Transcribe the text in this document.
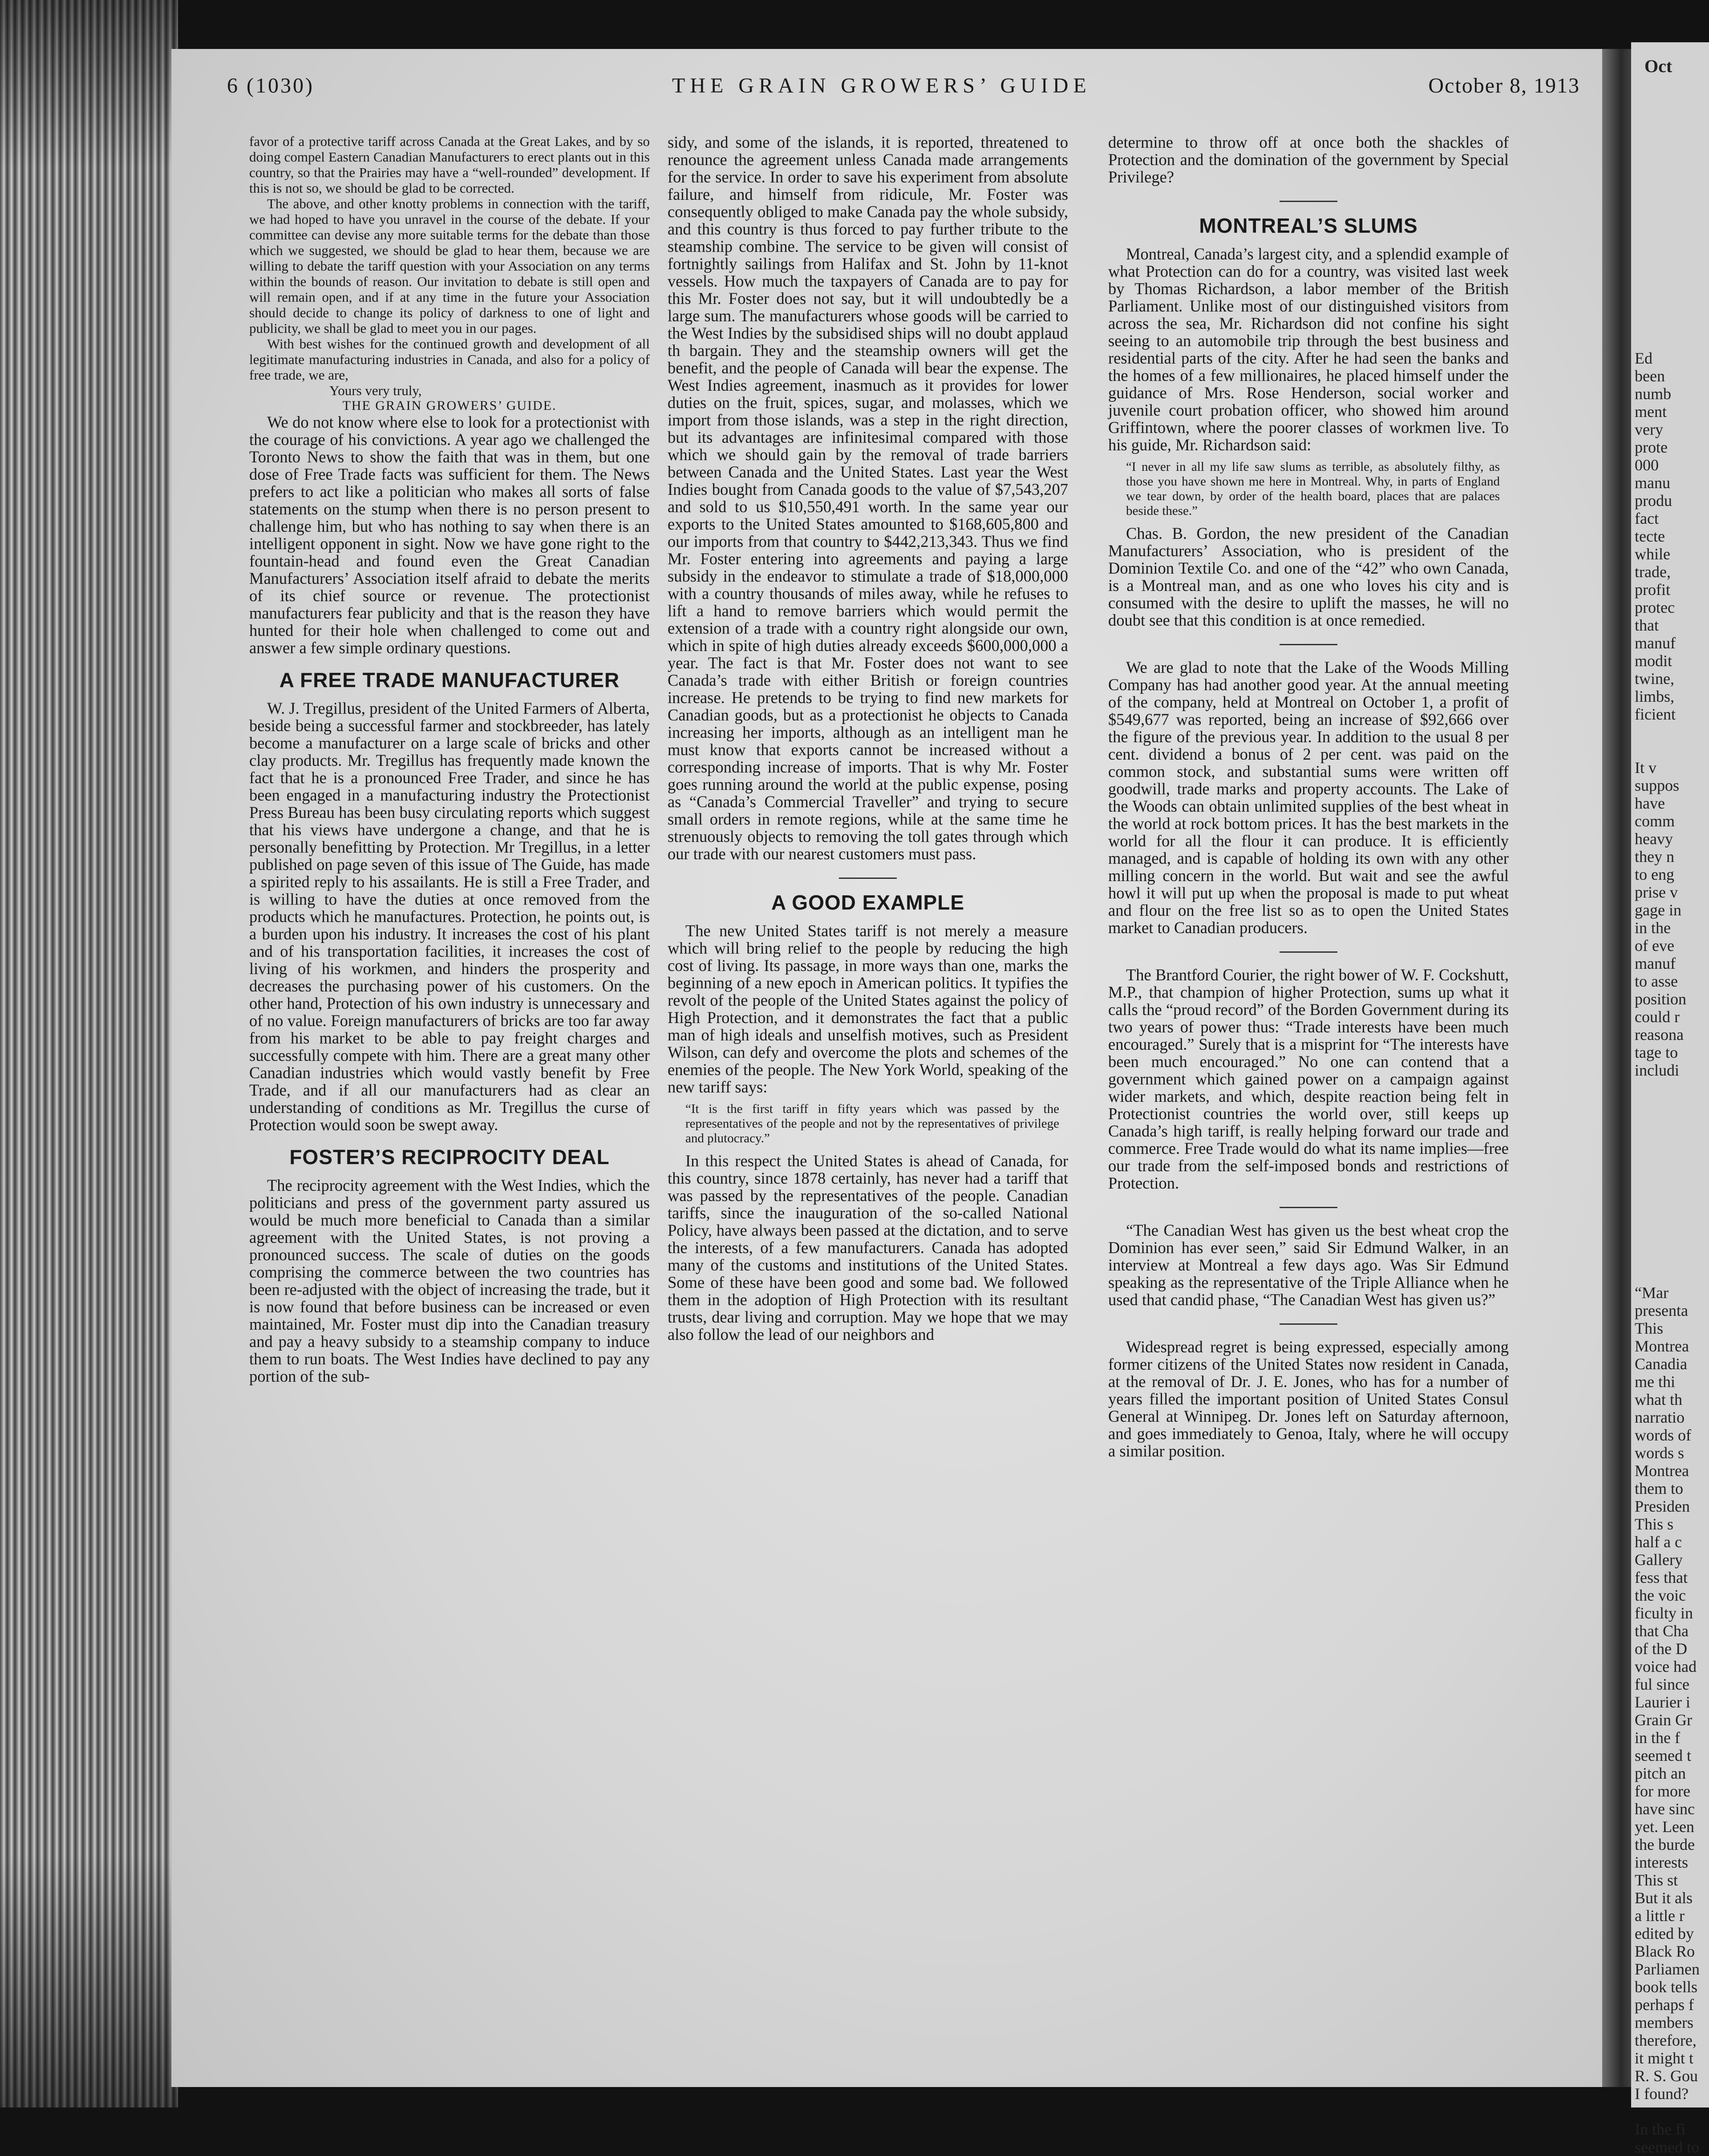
Oct
Ed
been
numb
ment
very
prote
000
manu
produ
fact
tecte
while
trade,
profit
protec
that
manuf
modit
twine,
limbs,
ficient

It v
suppos
have
comm
heavy
they n
to eng
prise v
gage in
in the
of eve
manuf
to asse
position
could r
reasona
tage to
includi
“Mar
presenta
This
Montrea
Canadia
me thi
what th
narratio
words of
words s
Montrea
them to
Presiden
This s
half a c
Gallery
fess that
the voic
ficulty in
that Cha
of the D
voice had
ful since
Laurier i
Grain Gr
in the f
seemed t
pitch an
for more
have sinc
yet. Leen
the burde
interests
This st
But it als
a little r
edited by
Black Ro
Parliamen
book tells
perhaps f
members
therefore,
it might t
R. S. Gou
I found?

In the fi
seemed to
6 (1030)	THE GRAIN GROWERS’ GUIDE	October 8, 1913

favor of a protective tariff across Canada at the Great Lakes, and by so doing compel Eastern Canadian Manufacturers to erect plants out in this country, so that the Prairies may have a “well-rounded” development. If this is not so, we should be glad to be corrected.

The above, and other knotty problems in connection with the tariff, we had hoped to have you unravel in the course of the debate. If your committee can devise any more suitable terms for the debate than those which we suggested, we should be glad to hear them, because we are willing to debate the tariff question with your Association on any terms within the bounds of reason. Our invitation to debate is still open and will remain open, and if at any time in the future your Association should decide to change its policy of darkness to one of light and publicity, we shall be glad to meet you in our pages.

With best wishes for the continued growth and development of all legitimate manufacturing industries in Canada, and also for a policy of free trade, we are,

Yours very truly,

THE GRAIN GROWERS’ GUIDE.

We do not know where else to look for a protectionist with the courage of his convictions. A year ago we challenged the Toronto News to show the faith that was in them, but one dose of Free Trade facts was sufficient for them. The News prefers to act like a politician who makes all sorts of false statements on the stump when there is no person present to challenge him, but who has nothing to say when there is an intelligent opponent in sight. Now we have gone right to the fountain-head and found even the Great Canadian Manufacturers’ Association itself afraid to debate the merits of its chief source or revenue. The protectionist manufacturers fear publicity and that is the reason they have hunted for their hole when challenged to come out and answer a few simple ordinary questions.

A FREE TRADE MANUFACTURER

W. J. Tregillus, president of the United Farmers of Alberta, beside being a successful farmer and stockbreeder, has lately become a manufacturer on a large scale of bricks and other clay products. Mr. Tregillus has frequently made known the fact that he is a pronounced Free Trader, and since he has been engaged in a manufacturing industry the Protectionist Press Bureau has been busy circulating reports which suggest that his views have undergone a change, and that he is personally benefitting by Protection. Mr Tregillus, in a letter published on page seven of this issue of The Guide, has made a spirited reply to his assailants. He is still a Free Trader, and is willing to have the duties at once removed from the products which he manufactures. Protection, he points out, is a burden upon his industry. It increases the cost of his plant and of his transportation facilities, it increases the cost of living of his workmen, and hinders the prosperity and decreases the purchasing power of his customers. On the other hand, Protection of his own industry is unnecessary and of no value. Foreign manufacturers of bricks are too far away from his market to be able to pay freight charges and successfully compete with him. There are a great many other Canadian industries which would vastly benefit by Free Trade, and if all our manufacturers had as clear an understanding of conditions as Mr. Tregillus the curse of Protection would soon be swept away.

FOSTER’S RECIPROCITY DEAL

The reciprocity agreement with the West Indies, which the politicians and press of the government party assured us would be much more beneficial to Canada than a similar agreement with the United States, is not proving a pronounced success. The scale of duties on the goods comprising the commerce between the two countries has been re-adjusted with the object of increasing the trade, but it is now found that before business can be increased or even maintained, Mr. Foster must dip into the Canadian treasury and pay a heavy subsidy to a steamship company to induce them to run boats. The West Indies have declined to pay any portion of the sub-

sidy, and some of the islands, it is reported, threatened to renounce the agreement unless Canada made arrangements for the service. In order to save his experiment from absolute failure, and himself from ridicule, Mr. Foster was consequently obliged to make Canada pay the whole subsidy, and this country is thus forced to pay further tribute to the steamship combine. The service to be given will consist of fortnightly sailings from Halifax and St. John by 11-knot vessels. How much the taxpayers of Canada are to pay for this Mr. Foster does not say, but it will undoubtedly be a large sum. The manufacturers whose goods will be carried to the West Indies by the subsidised ships will no doubt applaud th bargain. They and the steamship owners will get the benefit, and the people of Canada will bear the expense. The West Indies agreement, inasmuch as it provides for lower duties on the fruit, spices, sugar, and molasses, which we import from those islands, was a step in the right direction, but its advantages are infinitesimal compared with those which we should gain by the removal of trade barriers between Canada and the United States. Last year the West Indies bought from Canada goods to the value of $7,543,207 and sold to us $10,550,491 worth. In the same year our exports to the United States amounted to $168,605,800 and our imports from that country to $442,213,343. Thus we find Mr. Foster entering into agreements and paying a large subsidy in the endeavor to stimulate a trade of $18,000,000 with a country thousands of miles away, while he refuses to lift a hand to remove barriers which would permit the extension of a trade with a country right alongside our own, which in spite of high duties already exceeds $600,000,000 a year. The fact is that Mr. Foster does not want to see Canada’s trade with either British or foreign countries increase. He pretends to be trying to find new markets for Canadian goods, but as a protectionist he objects to Canada increasing her imports, although as an intelligent man he must know that exports cannot be increased without a corresponding increase of imports. That is why Mr. Foster goes running around the world at the public expense, posing as “Canada’s Commercial Traveller” and trying to secure small orders in remote regions, while at the same time he strenuously objects to removing the toll gates through which our trade with our nearest customers must pass.

A GOOD EXAMPLE

The new United States tariff is not merely a measure which will bring relief to the people by reducing the high cost of living. Its passage, in more ways than one, marks the beginning of a new epoch in American politics. It typifies the revolt of the people of the United States against the policy of High Protection, and it demonstrates the fact that a public man of high ideals and unselfish motives, such as President Wilson, can defy and overcome the plots and schemes of the enemies of the people. The New York World, speaking of the new tariff says:

“It is the first tariff in fifty years which was passed by the representatives of the people and not by the representatives of privilege and plutocracy.”

In this respect the United States is ahead of Canada, for this country, since 1878 certainly, has never had a tariff that was passed by the representatives of the people. Canadian tariffs, since the inauguration of the so-called National Policy, have always been passed at the dictation, and to serve the interests, of a few manufacturers. Canada has adopted many of the customs and institutions of the United States. Some of these have been good and some bad. We followed them in the adoption of High Protection with its resultant trusts, dear living and corruption. May we hope that we may also follow the lead of our neighbors and

determine to throw off at once both the shackles of Protection and the domination of the government by Special Privilege?

MONTREAL’S SLUMS

Montreal, Canada’s largest city, and a splendid example of what Protection can do for a country, was visited last week by Thomas Richardson, a labor member of the British Parliament. Unlike most of our distinguished visitors from across the sea, Mr. Richardson did not confine his sight seeing to an automobile trip through the best business and residential parts of the city. After he had seen the banks and the homes of a few millionaires, he placed himself under the guidance of Mrs. Rose Henderson, social worker and juvenile court probation officer, who showed him around Griffintown, where the poorer classes of workmen live. To his guide, Mr. Richardson said:

“I never in all my life saw slums as terrible, as absolutely filthy, as those you have shown me here in Montreal. Why, in parts of England we tear down, by order of the health board, places that are palaces beside these.”

Chas. B. Gordon, the new president of the Canadian Manufacturers’ Association, who is president of the Dominion Textile Co. and one of the “42” who own Canada, is a Montreal man, and as one who loves his city and is consumed with the desire to uplift the masses, he will no doubt see that this condition is at once remedied.

We are glad to note that the Lake of the Woods Milling Company has had another good year. At the annual meeting of the company, held at Montreal on October 1, a profit of $549,677 was reported, being an increase of $92,666 over the figure of the previous year. In addition to the usual 8 per cent. dividend a bonus of 2 per cent. was paid on the common stock, and substantial sums were written off goodwill, trade marks and property accounts. The Lake of the Woods can obtain unlimited supplies of the best wheat in the world at rock bottom prices. It has the best markets in the world for all the flour it can produce. It is efficiently managed, and is capable of holding its own with any other milling concern in the world. But wait and see the awful howl it will put up when the proposal is made to put wheat and flour on the free list so as to open the United States market to Canadian producers.

The Brantford Courier, the right bower of W. F. Cockshutt, M.P., that champion of higher Protection, sums up what it calls the “proud record” of the Borden Government during its two years of power thus: “Trade interests have been much encouraged.” Surely that is a misprint for “The interests have been much encouraged.” No one can contend that a government which gained power on a campaign against wider markets, and which, despite reaction being felt in Protectionist countries the world over, still keeps up Canada’s high tariff, is really helping forward our trade and commerce. Free Trade would do what its name implies—free our trade from the self-imposed bonds and restrictions of Protection.

“The Canadian West has given us the best wheat crop the Dominion has ever seen,” said Sir Edmund Walker, in an interview at Montreal a few days ago. Was Sir Edmund speaking as the representative of the Triple Alliance when he used that candid phase, “The Canadian West has given us?”

Widespread regret is being expressed, especially among former citizens of the United States now resident in Canada, at the removal of Dr. J. E. Jones, who has for a number of years filled the important position of United States Consul General at Winnipeg. Dr. Jones left on Saturday afternoon, and goes immediately to Genoa, Italy, where he will occupy a similar position.
